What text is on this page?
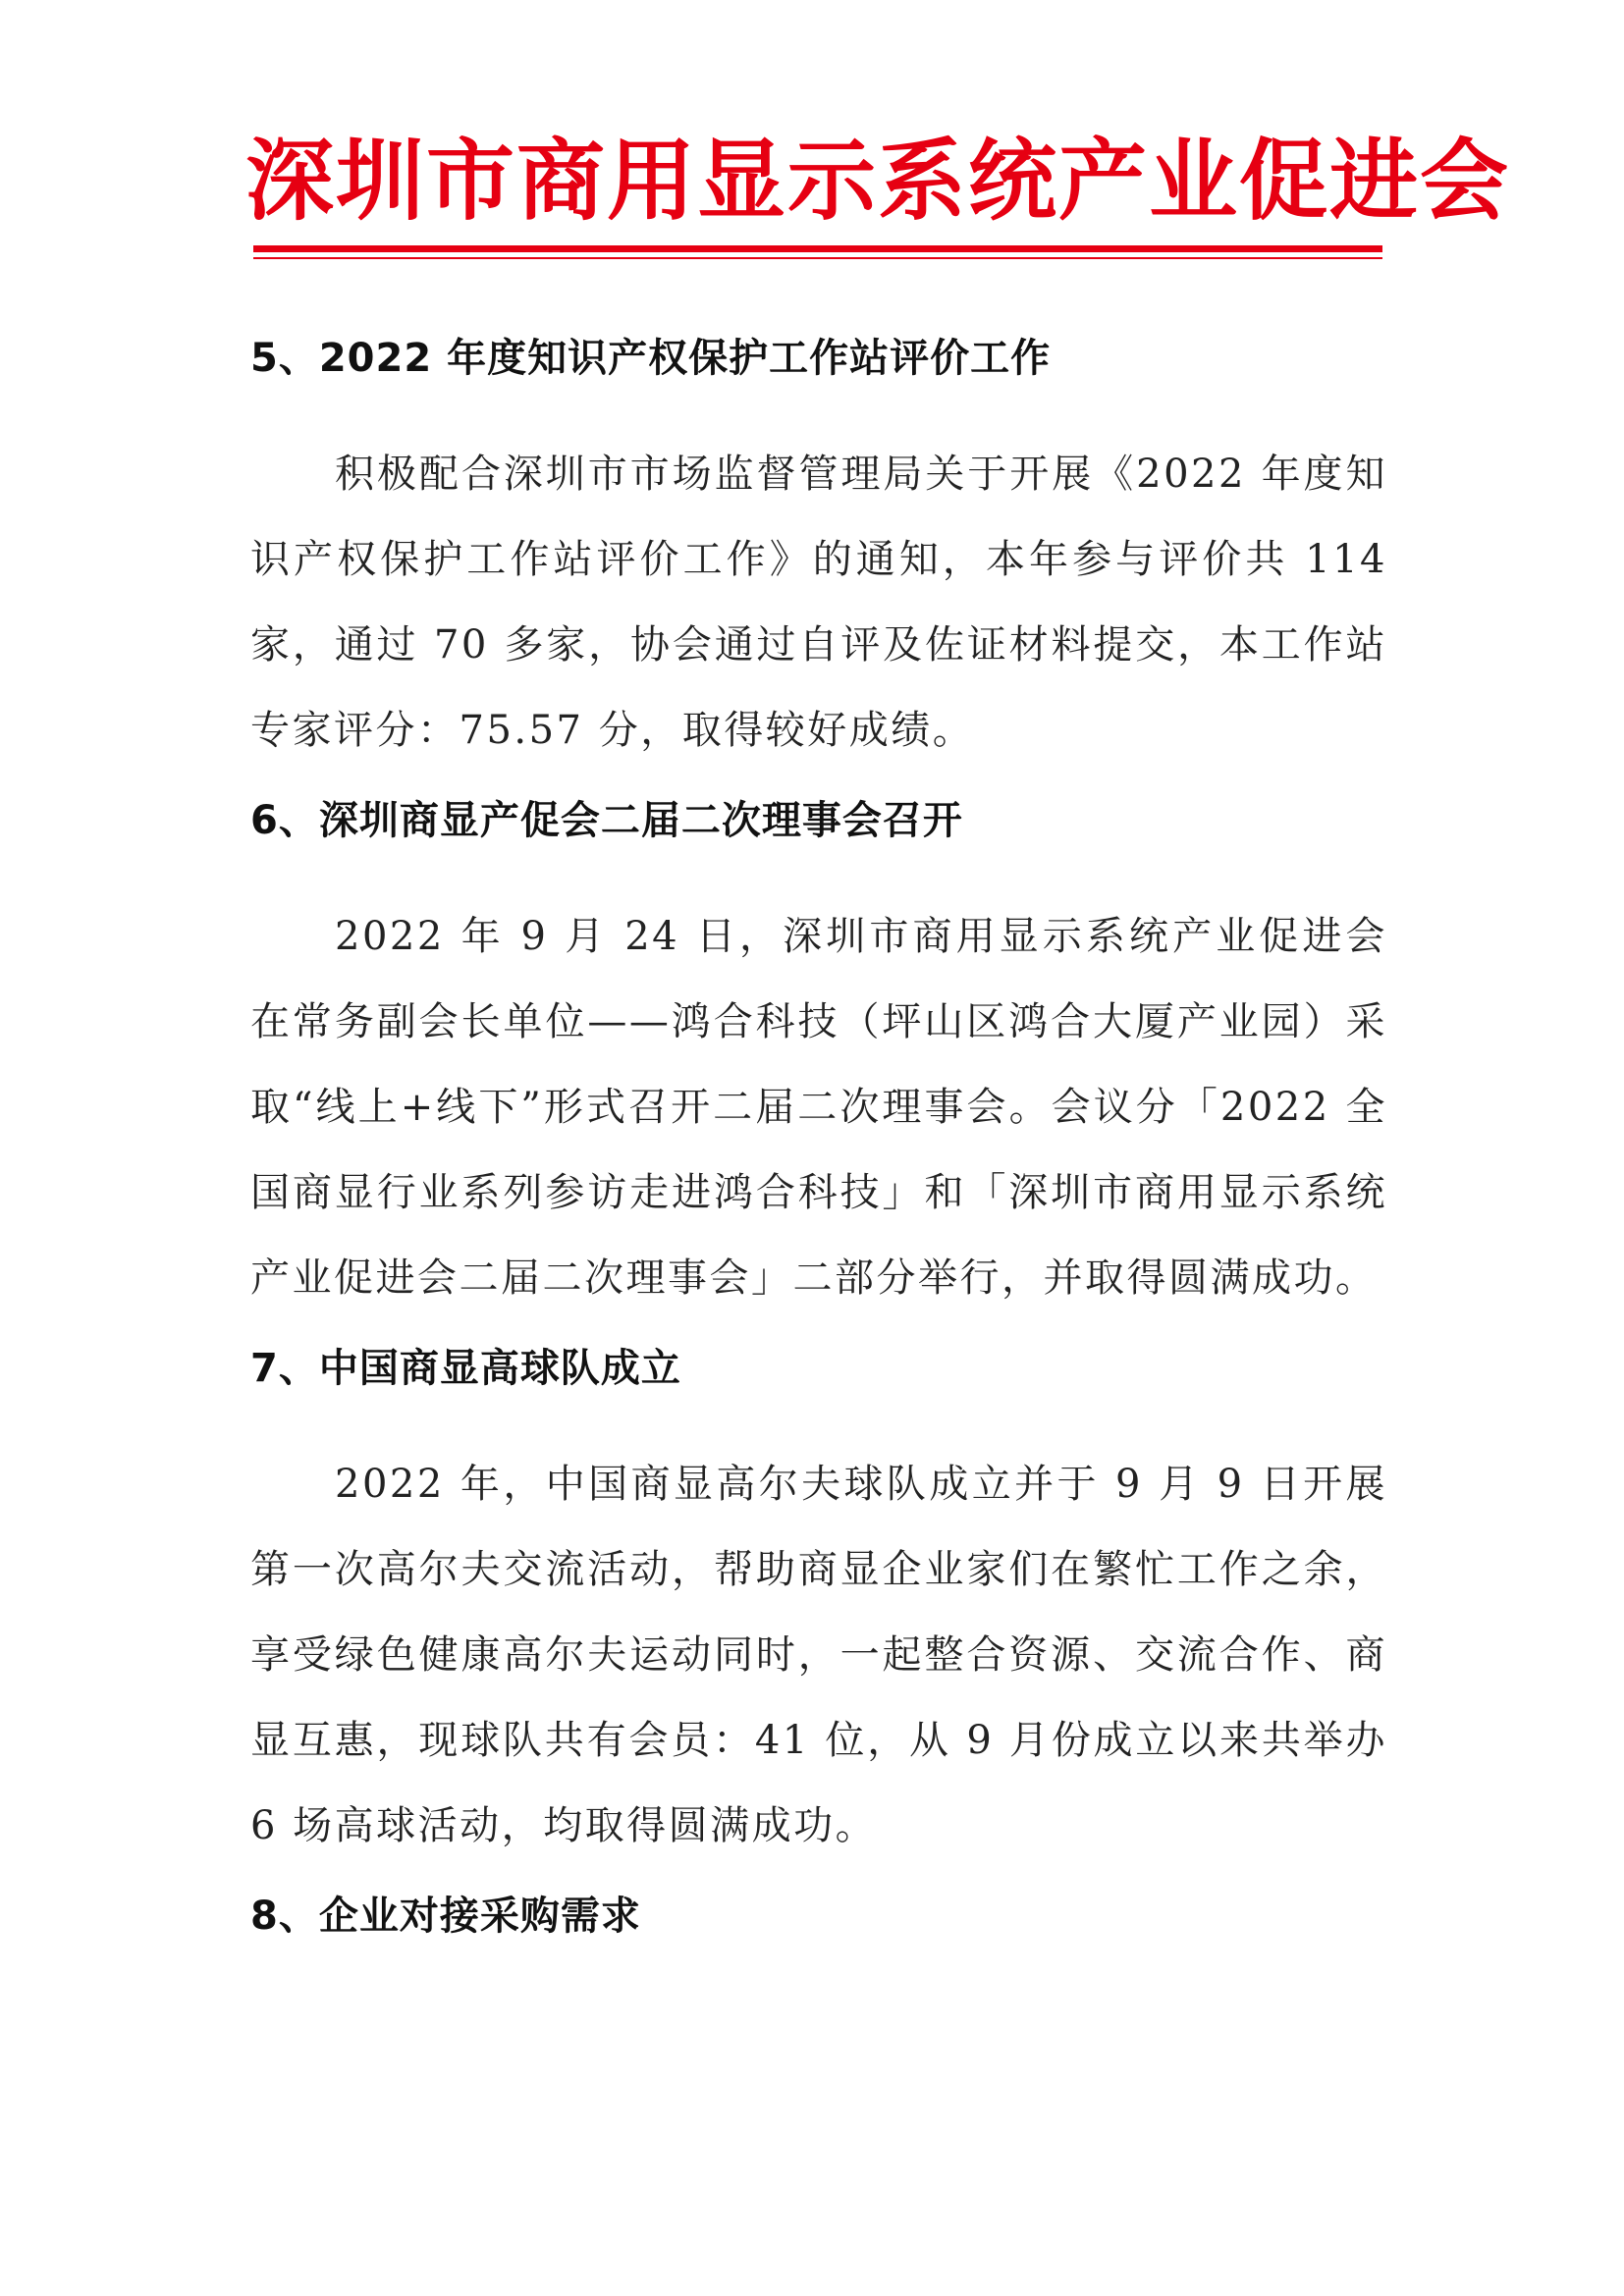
深圳市商用显示系统产业促进会
5、2022 年度知识产权保护工作站评价工作

积极配合深圳市市场监督管理局关于开展《2022 年度知识产权保护工作站评价工作》的通知，本年参与评价共 114 家，通过 70 多家，协会通过自评及佐证材料提交，本工作站专家评分：75.57 分，取得较好成绩。

6、深圳商显产促会二届二次理事会召开

2022 年 9 月 24 日，深圳市商用显示系统产业促进会在常务副会长单位——鸿合科技（坪山区鸿合大厦产业园）采取“线上+线下”形式召开二届二次理事会。会议分「2022 全国商显行业系列参访走进鸿合科技」和「深圳市商用显示系统产业促进会二届二次理事会」二部分举行，并取得圆满成功。

7、中国商显高球队成立

2022 年，中国商显高尔夫球队成立并于 9 月 9 日开展第一次高尔夫交流活动，帮助商显企业家们在繁忙工作之余，享受绿色健康高尔夫运动同时，一起整合资源、交流合作、商显互惠，现球队共有会员：41 位，从 9 月份成立以来共举办 6 场高球活动，均取得圆满成功。

8、企业对接采购需求
